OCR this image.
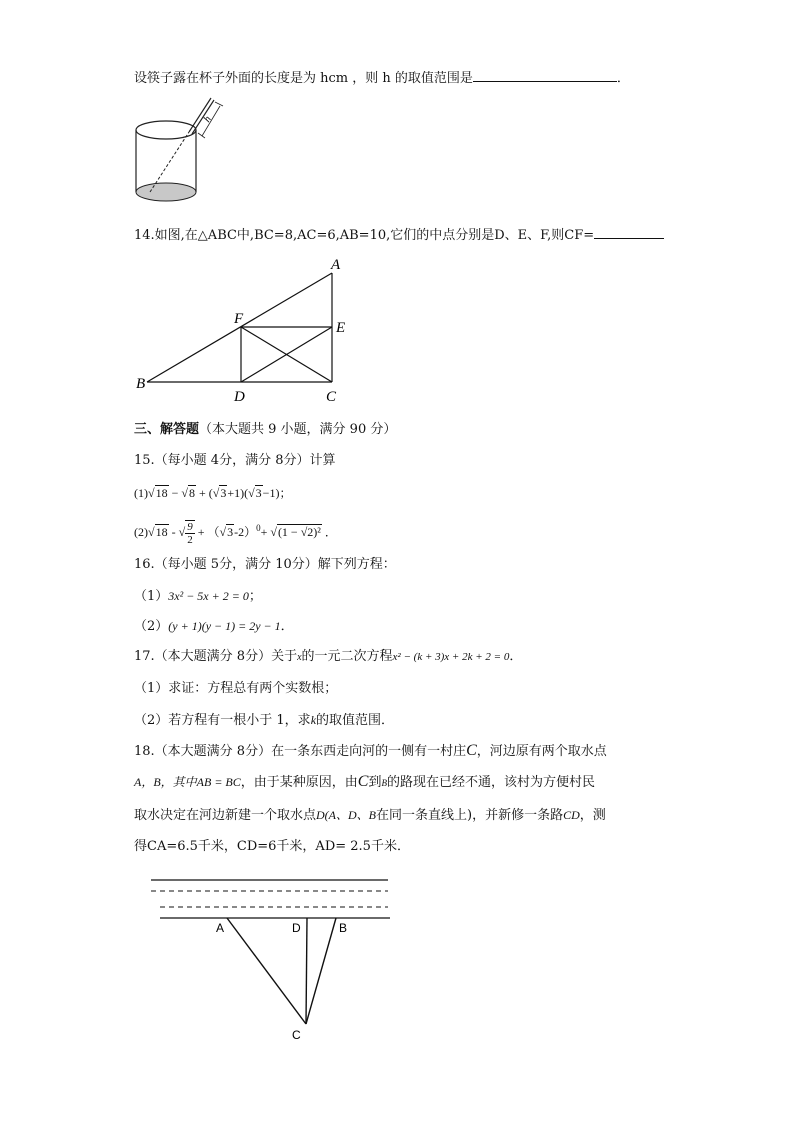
设筷子露在杯子外面的长度是为 hcm ，则 h 的取值范围是	．
h
14.如图,在△ABC中,BC=8,AC=6,AB=10,它们的中点分别是D、E、F,则CF=
A
B
C
D
E
F
三、解答题（本大题共 9 小题，满分 90 分）
15.（每小题 4分，满分 8分）计算
(1)√18 − √8 + (√3+1)(√3−1)；
(2)√18 - √ $\frac{9}{2} + (√3-2)^0+ √(1 - √2)^2$ ．
16.（每小题 5分，满分 10分）解下列方程：
（1）3x² − 5x + 2 = 0；
（2）(y + 1)(y − 1) = 2y − 1．
17.（本大题满分 8分）关于x的一元二次方程x² − (k + 3)x + 2k + 2 = 0．
（1）求证：方程总有两个实数根；
（2）若方程有一根小于 1，求k的取值范围．
18.（本大题满分 8分）在一条东西走向河的一侧有一村庄C，河边原有两个取水点
A，B，其中AB = BC，由于某种原因，由C到B的路现在已经不通，该村为方便村民
取水决定在河边新建一个取水点D(A、D、B在同一条直线上)，并新修一条路CD，测
得CA=6.5千米，CD=6千米，AD= 2.5千米．
A	D	B
C
